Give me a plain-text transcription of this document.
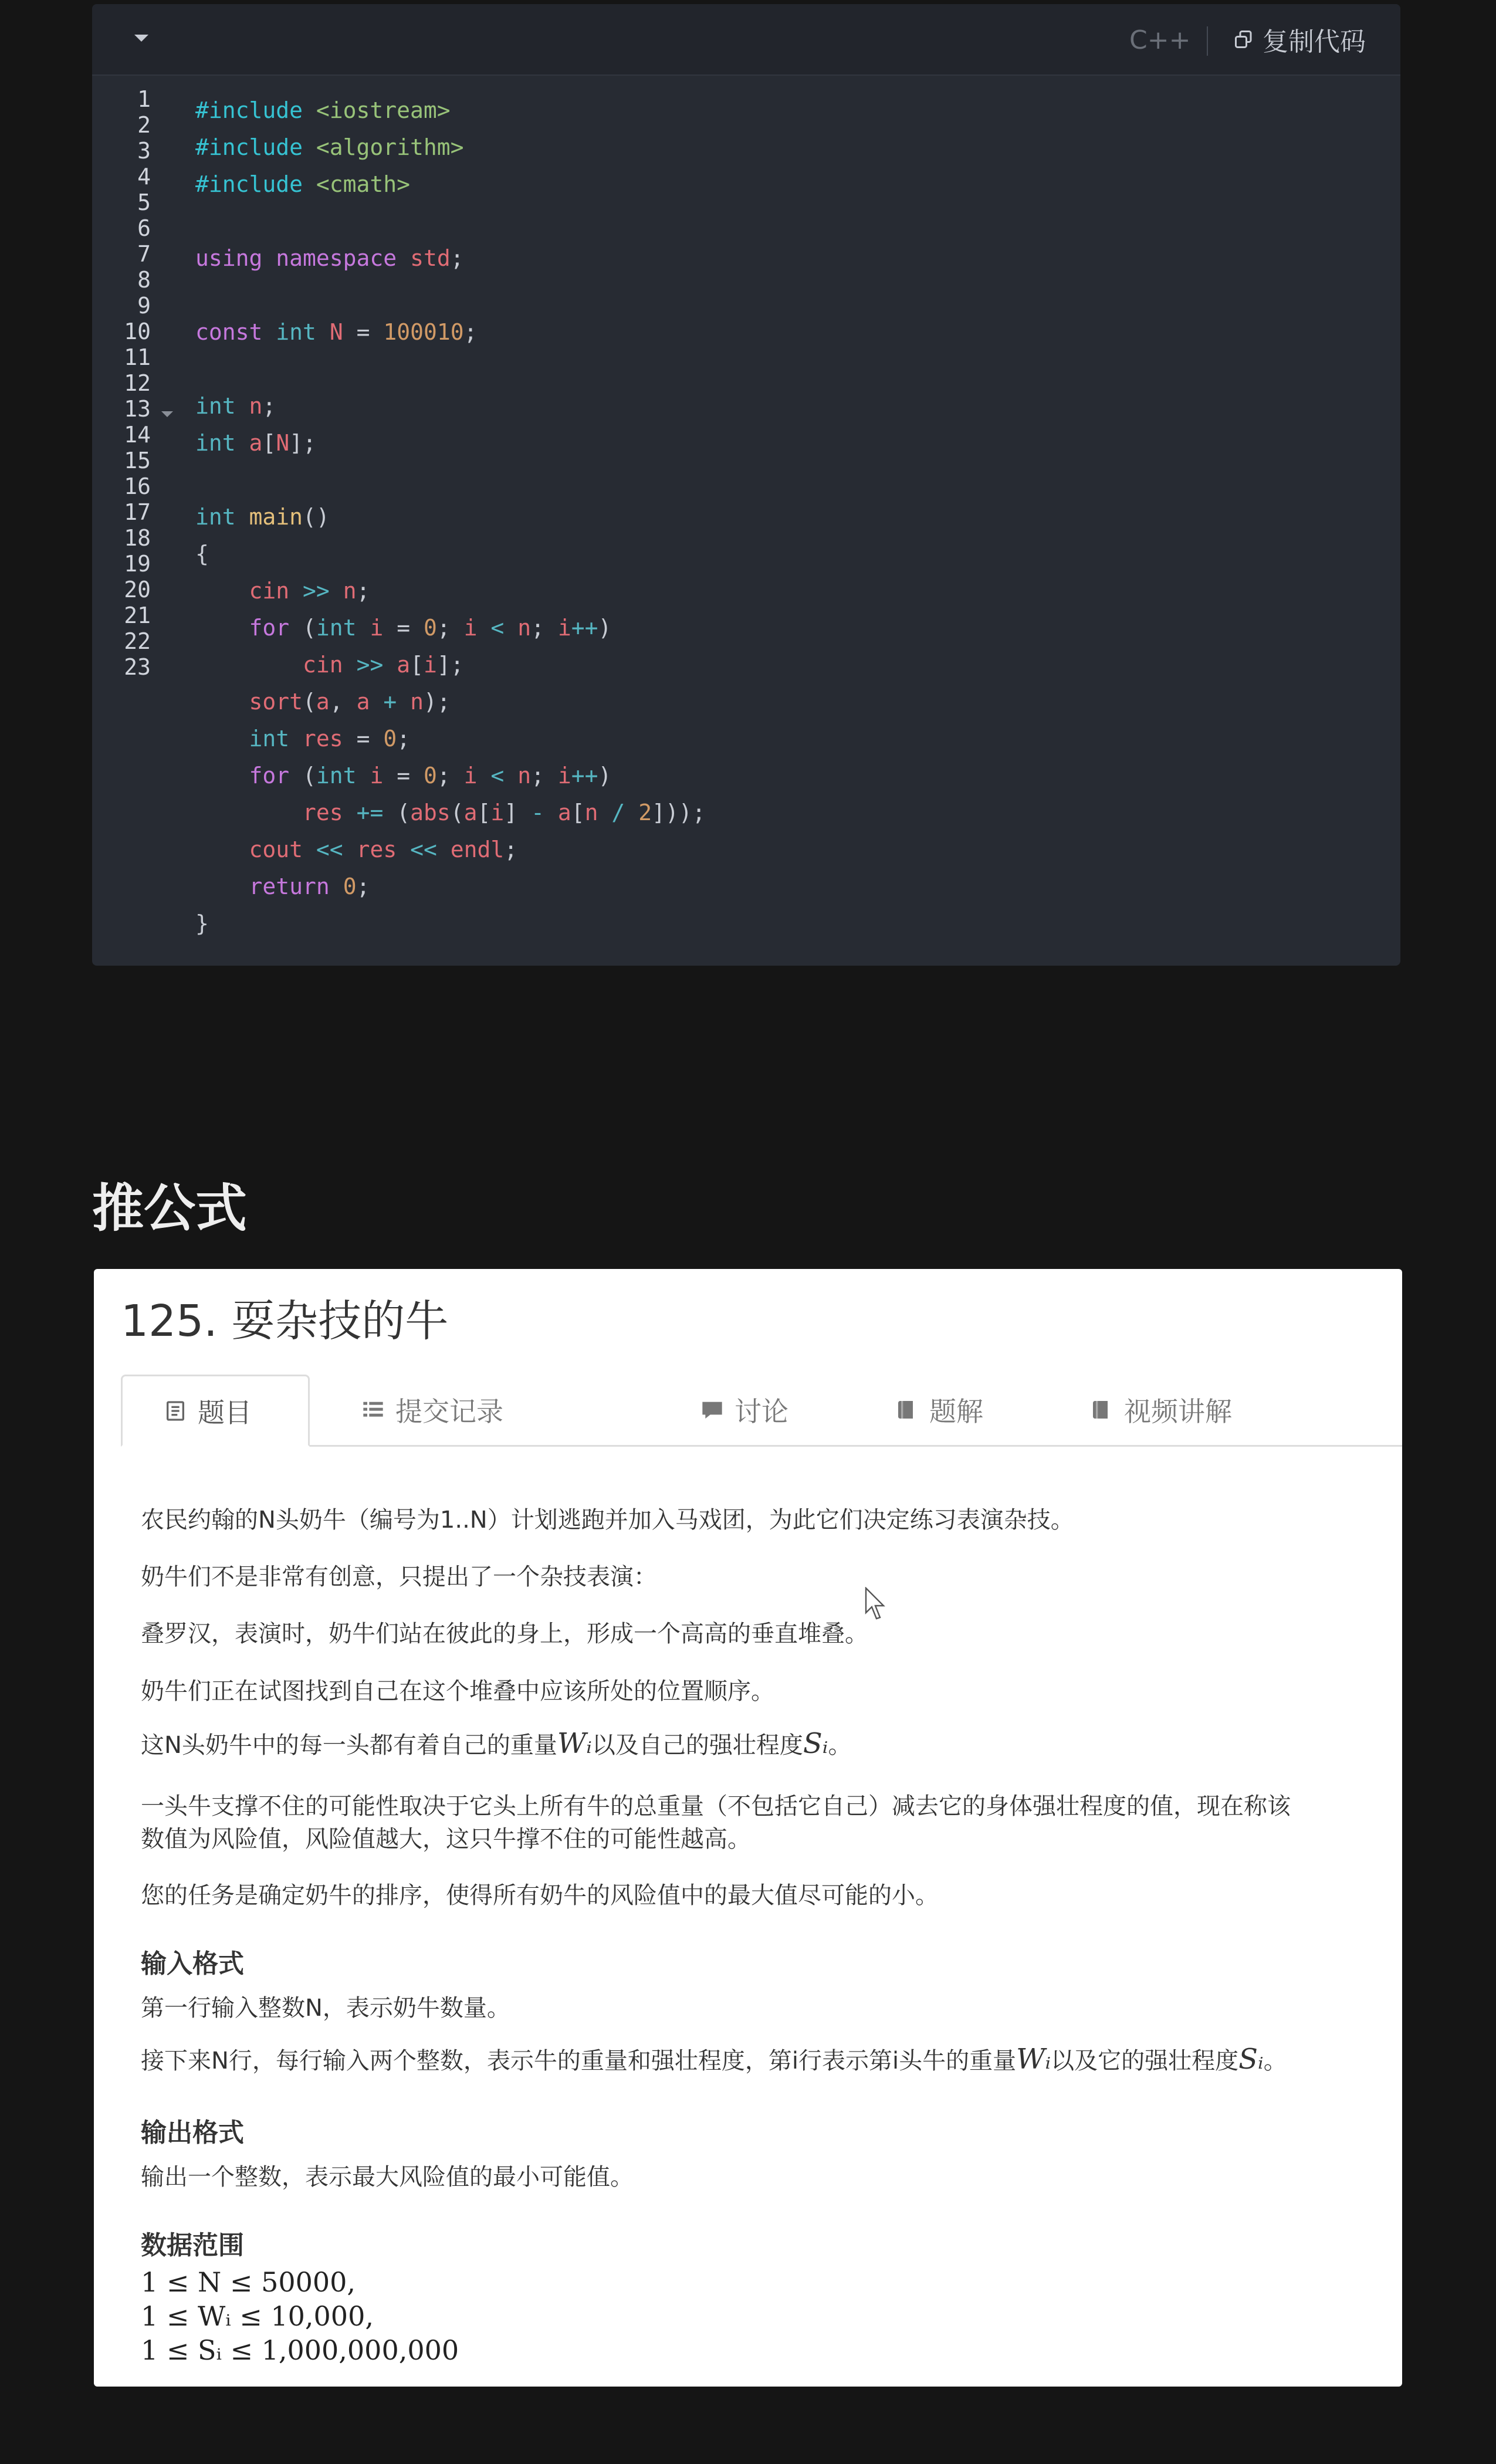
C++	复制代码
1
2
3
4
5
6
7
8
9
10
11
12
13
14
15
16
17
18
19
20
21
22
23
#include <iostream>
#include <algorithm>
#include <cmath>
using namespace std;
const int N = 100010;
int n;
int a[N];
int main()
{
cin >> n;
for (int i = 0; i < n; i++)
cin >> a[i];
sort(a, a + n);
int res = 0;
for (int i = 0; i < n; i++)
res += (abs(a[i] - a[n / 2]));
cout << res << endl;
return 0;
}
推公式
125. 耍杂技的牛
题目	提交记录	讨论	题解	视频讲解
农民约翰的N头奶牛（编号为1..N）计划逃跑并加入马戏团，为此它们决定练习表演杂技。
奶牛们不是非常有创意，只提出了一个杂技表演：
叠罗汉，表演时，奶牛们站在彼此的身上，形成一个高高的垂直堆叠。
奶牛们正在试图找到自己在这个堆叠中应该所处的位置顺序。
这N头奶牛中的每一头都有着自己的重量Wᵢ以及自己的强壮程度Sᵢ。
一头牛支撑不住的可能性取决于它头上所有牛的总重量（不包括它自己）减去它的身体强壮程度的值，现在称该
数值为风险值，风险值越大，这只牛撑不住的可能性越高。
您的任务是确定奶牛的排序，使得所有奶牛的风险值中的最大值尽可能的小。
输入格式
第一行输入整数N，表示奶牛数量。
接下来N行，每行输入两个整数，表示牛的重量和强壮程度，第i行表示第i头牛的重量Wᵢ以及它的强壮程度Sᵢ。
输出格式
输出一个整数，表示最大风险值的最小可能值。
数据范围
1 ≤ N ≤ 50000,
1 ≤ Wᵢ ≤ 10,000,
1 ≤ Sᵢ ≤ 1,000,000,000
